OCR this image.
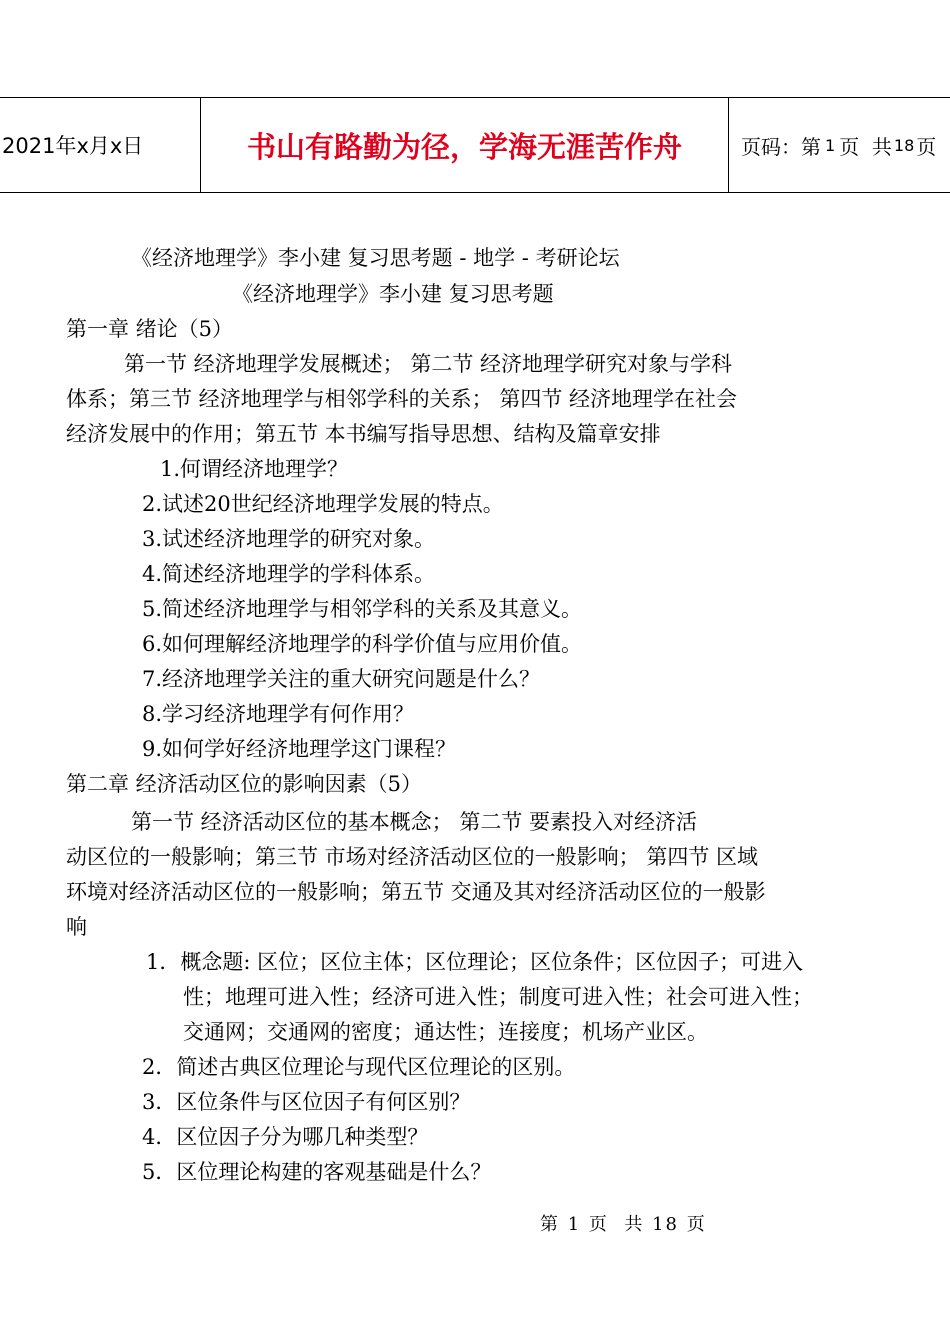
2021年x月x日	书山有路勤为径，学海无涯苦作舟	页码：第 1 页  共 18 页
《经济地理学》李小建 复习思考题 - 地学 - 考研论坛
《经济地理学》李小建 复习思考题
第一章 绪论（5）
第一节 经济地理学发展概述； 第二节 经济地理学研究对象与学科
体系；第三节 经济地理学与相邻学科的关系； 第四节 经济地理学在社会
经济发展中的作用；第五节 本书编写指导思想、结构及篇章安排
1.何谓经济地理学？
2.试述20世纪经济地理学发展的特点。
3.试述经济地理学的研究对象。
4.简述经济地理学的学科体系。
5.简述经济地理学与相邻学科的关系及其意义。
6.如何理解经济地理学的科学价值与应用价值。
7.经济地理学关注的重大研究问题是什么？
8.学习经济地理学有何作用？
9.如何学好经济地理学这门课程？
第二章 经济活动区位的影响因素（5）
第一节 经济活动区位的基本概念； 第二节 要素投入对经济活
动区位的一般影响；第三节 市场对经济活动区位的一般影响； 第四节 区域
环境对经济活动区位的一般影响；第五节 交通及其对经济活动区位的一般影
响
1．概念题: 区位；区位主体；区位理论；区位条件；区位因子；可进入
性；地理可进入性；经济可进入性；制度可进入性；社会可进入性；
交通网；交通网的密度；通达性；连接度；机场产业区。
2．简述古典区位理论与现代区位理论的区别。
3．区位条件与区位因子有何区别？
4．区位因子分为哪几种类型？
5．区位理论构建的客观基础是什么？
第 1 页  共 18 页
